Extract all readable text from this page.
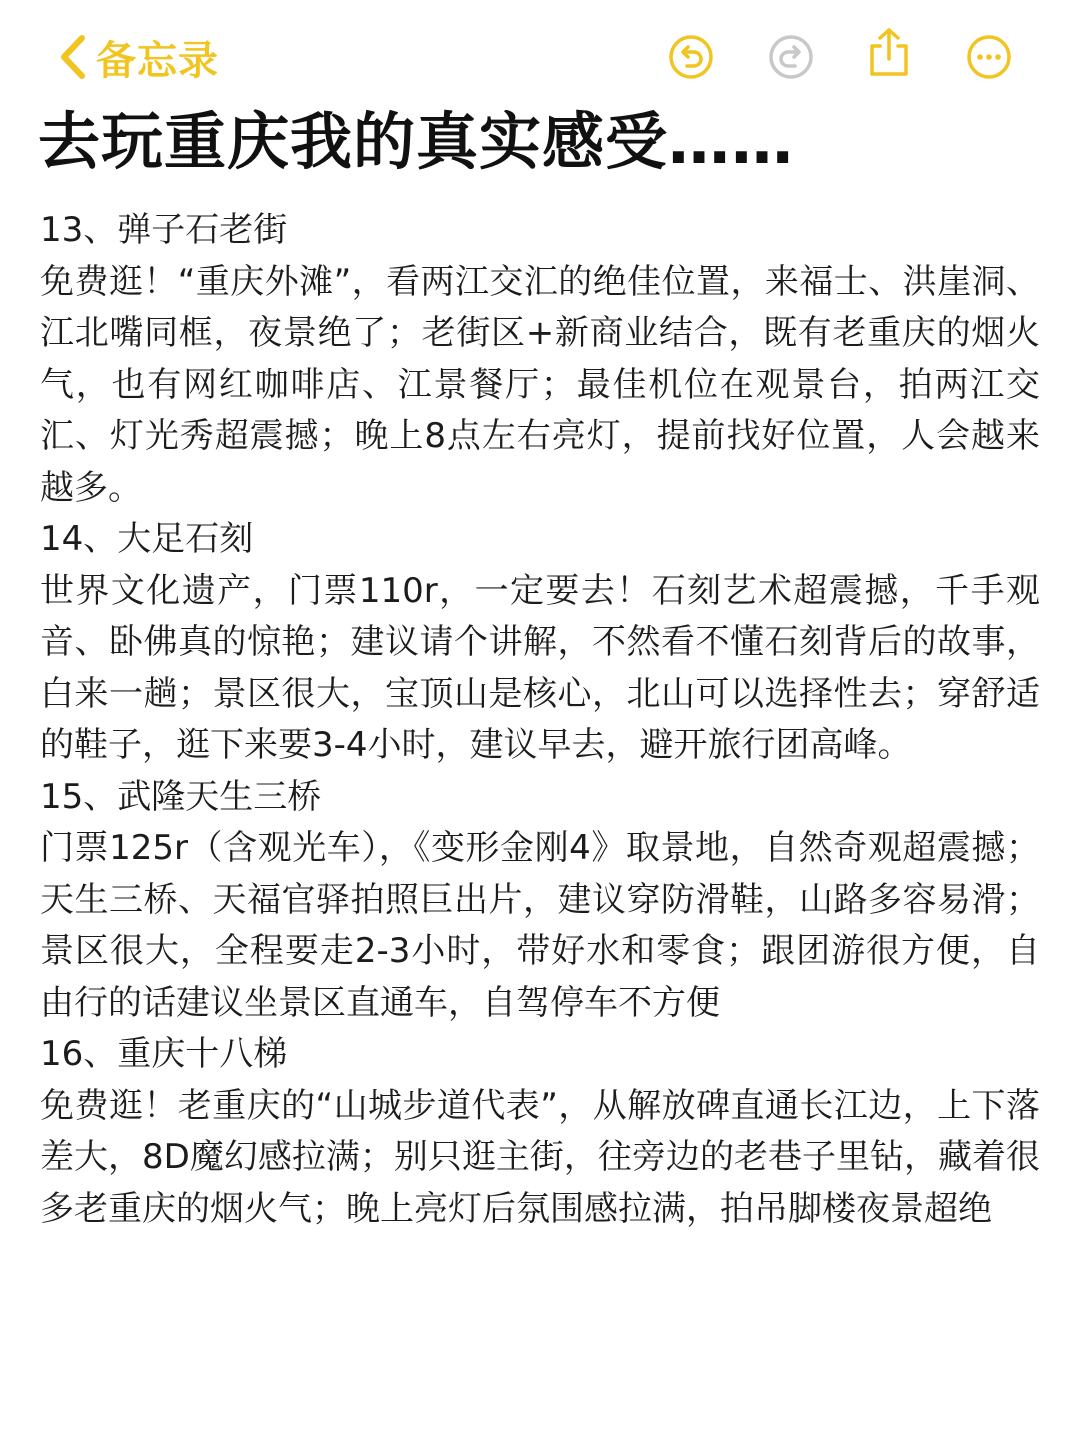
备忘录
去玩重庆我的真实感受……

13、弹子石老街

免费逛！“重庆外滩”，看两江交汇的绝佳位置，来福士、洪崖洞、江北嘴同框，夜景绝了；老街区+新商业结合，既有老重庆的烟火气，也有网红咖啡店、江景餐厅；最佳机位在观景台，拍两江交汇、灯光秀超震撼；晚上8点左右亮灯，提前找好位置，人会越来越多。

14、大足石刻

世界文化遗产，门票110r，一定要去！石刻艺术超震撼，千手观音、卧佛真的惊艳；建议请个讲解，不然看不懂石刻背后的故事，白来一趟；景区很大，宝顶山是核心，北山可以选择性去；穿舒适的鞋子，逛下来要3-4小时，建议早去，避开旅行团高峰。

15、武隆天生三桥

门票125r（含观光车），《变形金刚4》取景地，自然奇观超震撼；天生三桥、天福官驿拍照巨出片，建议穿防滑鞋，山路多容易滑；景区很大，全程要走2-3小时，带好水和零食；跟团游很方便，自由行的话建议坐景区直通车，自驾停车不方便

16、重庆十八梯

免费逛！老重庆的“山城步道代表”，从解放碑直通长江边，上下落差大，8D魔幻感拉满；别只逛主街，往旁边的老巷子里钻，藏着很多老重庆的烟火气；晚上亮灯后氛围感拉满，拍吊脚楼夜景超绝
